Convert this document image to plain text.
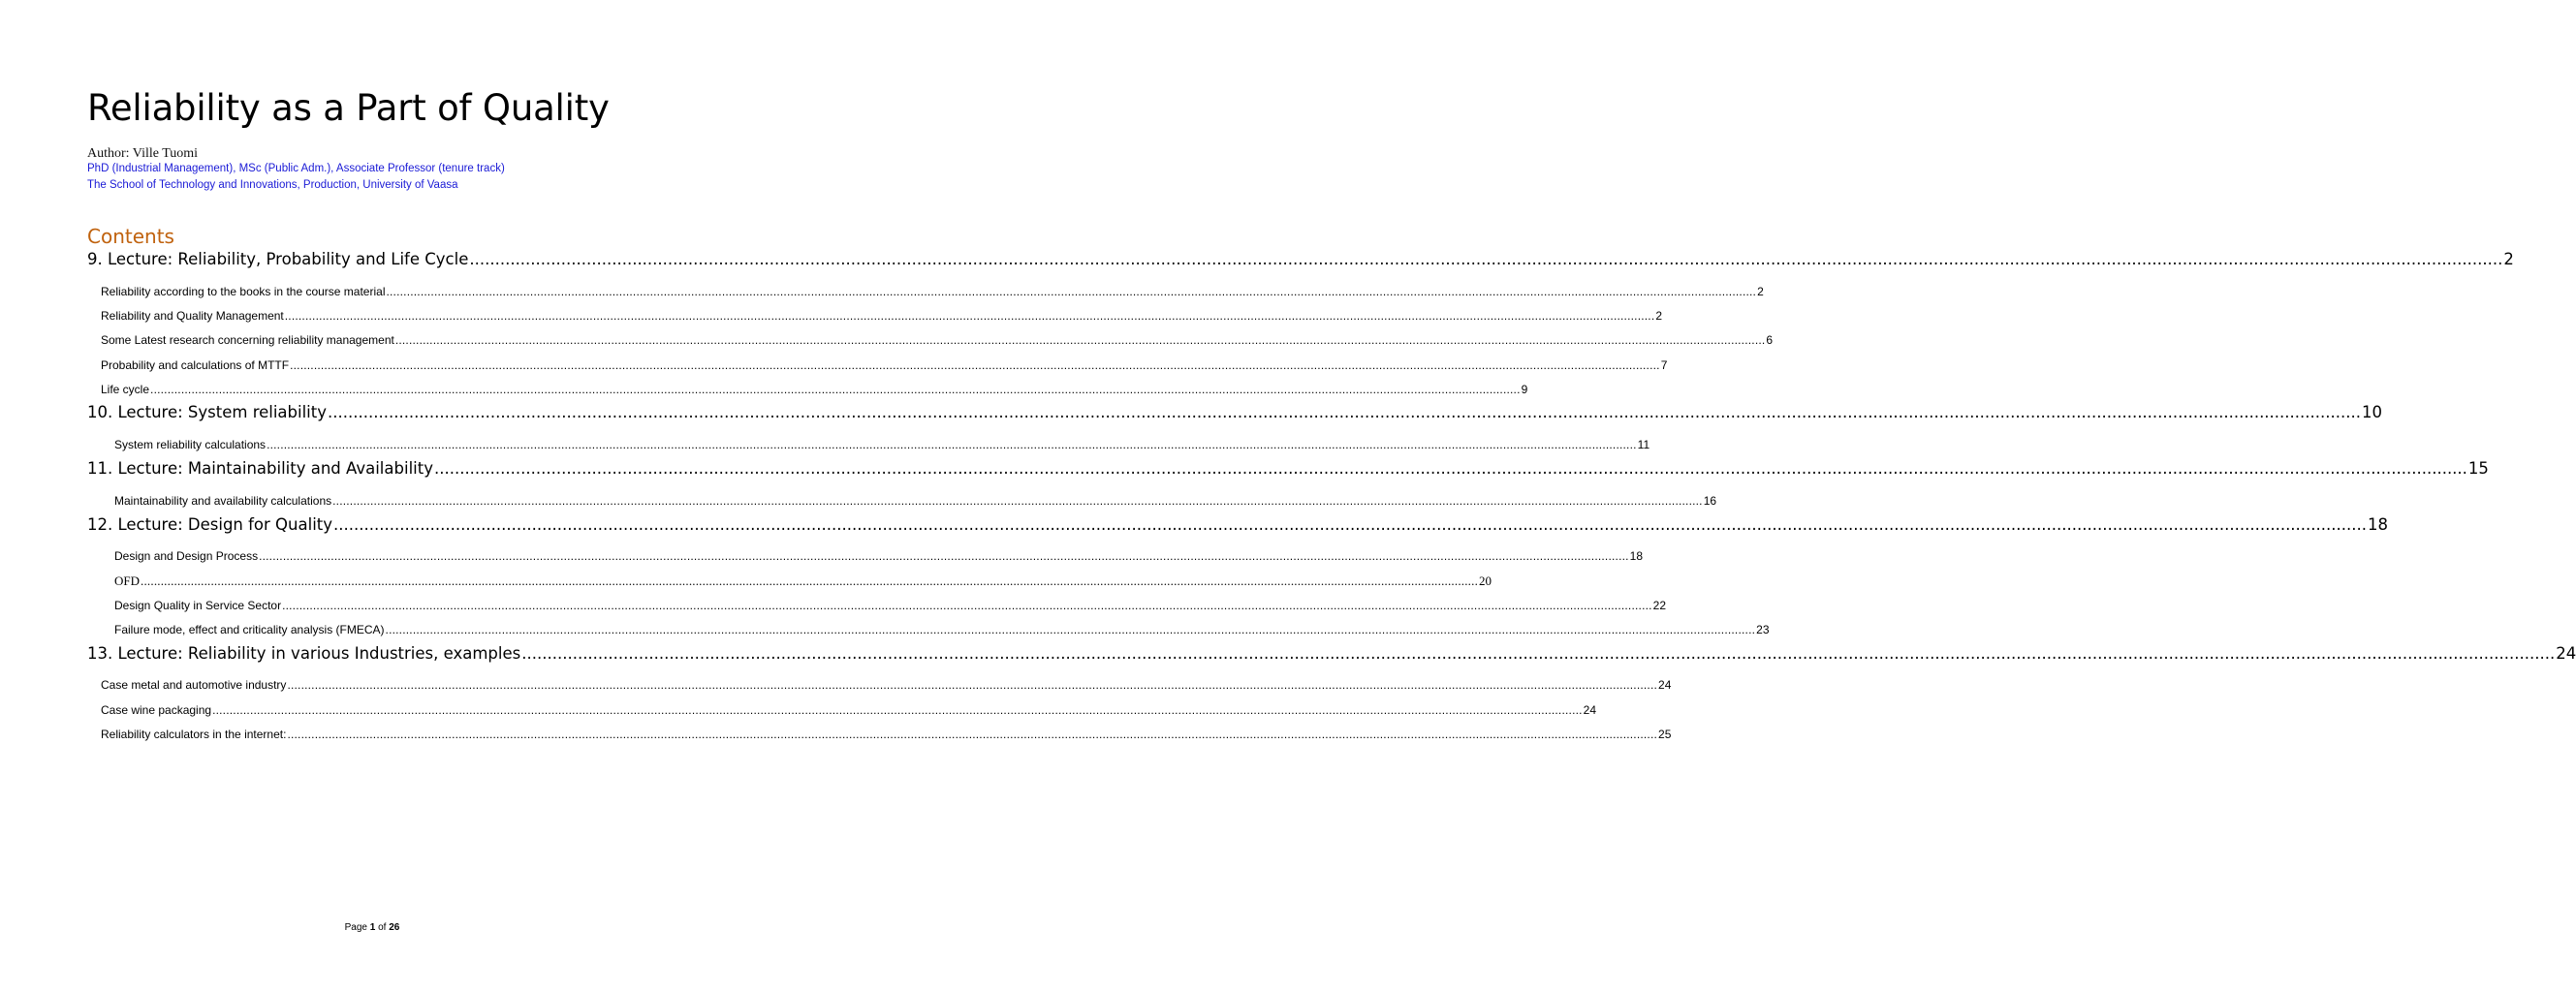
Reliability as a Part of Quality
Author: Ville Tuomi
PhD (Industrial Management), MSc (Public Adm.), Associate Professor (tenure track)
The School of Technology and Innovations, Production, University of Vaasa
Contents
9. Lecture: Reliability, Probability and Life Cycle ................................................................................................................................................................................................................................................................................................................................................................................................................ 2
Reliability according to the books in the course material ................................................................................................................................................................................................................................................................................................................................................................................................................ 2
Reliability and Quality Management ................................................................................................................................................................................................................................................................................................................................................................................................................ 2
Some Latest research concerning reliability management ................................................................................................................................................................................................................................................................................................................................................................................................................ 6
Probability and calculations of MTTF ................................................................................................................................................................................................................................................................................................................................................................................................................ 7
Life cycle ................................................................................................................................................................................................................................................................................................................................................................................................................ 9
10. Lecture: System reliability ................................................................................................................................................................................................................................................................................................................................................................................................................ 10
System reliability calculations ................................................................................................................................................................................................................................................................................................................................................................................................................ 11
11. Lecture: Maintainability and Availability ................................................................................................................................................................................................................................................................................................................................................................................................................ 15
Maintainability and availability calculations ................................................................................................................................................................................................................................................................................................................................................................................................................ 16
12. Lecture: Design for Quality ................................................................................................................................................................................................................................................................................................................................................................................................................ 18
Design and Design Process ................................................................................................................................................................................................................................................................................................................................................................................................................ 18
OFD ................................................................................................................................................................................................................................................................................................................................................................................................................ 20
Design Quality in Service Sector ................................................................................................................................................................................................................................................................................................................................................................................................................ 22
Failure mode, effect and criticality analysis (FMECA) ................................................................................................................................................................................................................................................................................................................................................................................................................ 23
13. Lecture: Reliability in various Industries, examples ................................................................................................................................................................................................................................................................................................................................................................................................................ 24
Case metal and automotive industry ................................................................................................................................................................................................................................................................................................................................................................................................................ 24
Case wine packaging ................................................................................................................................................................................................................................................................................................................................................................................................................ 24
Reliability calculators in the internet: ................................................................................................................................................................................................................................................................................................................................................................................................................ 25
Page 1 of 26
